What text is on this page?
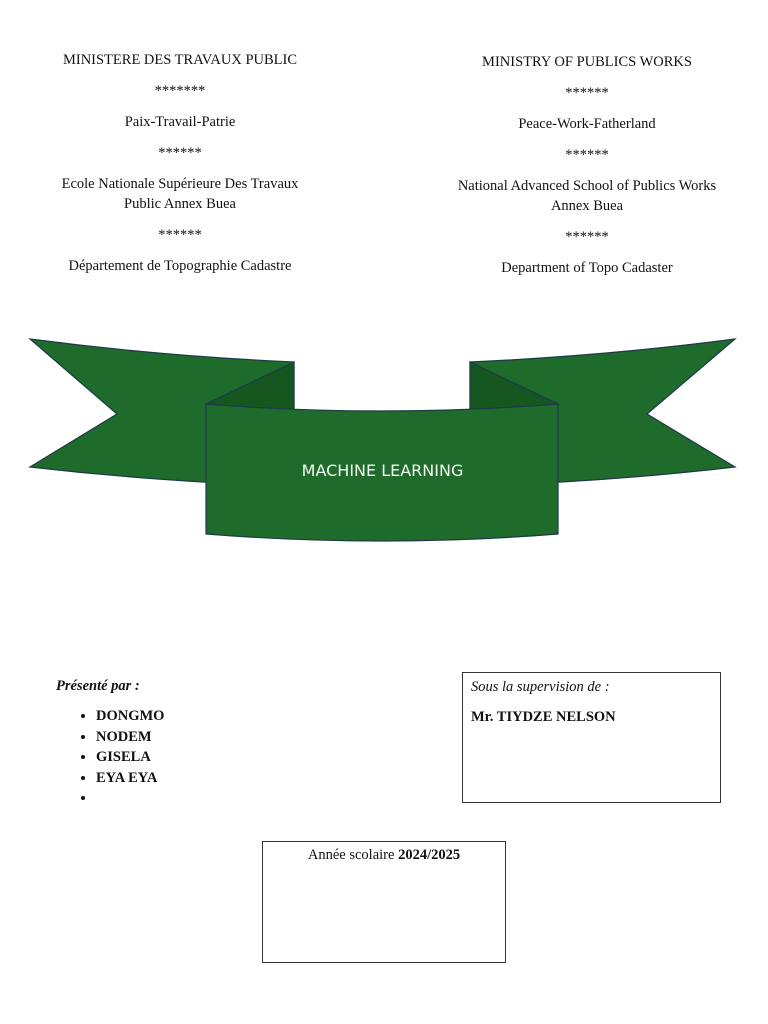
MINISTERE DES TRAVAUX PUBLIC

*******

Paix-Travail-Patrie

******

Ecole Nationale Supérieure Des Travaux

Public Annex Buea

******

Département de Topographie Cadastre

MINISTRY OF PUBLICS WORKS

******

Peace-Work-Fatherland

******

National Advanced School of Publics Works

Annex Buea

******

Department of Topo Cadaster

MACHINE LEARNING

Présenté par :

• DONGMO
• NODEM
• GISELA
• EYA EYA
•

Sous la supervision de :

Mr. TIYDZE NELSON

Année scolaire 2024/2025
